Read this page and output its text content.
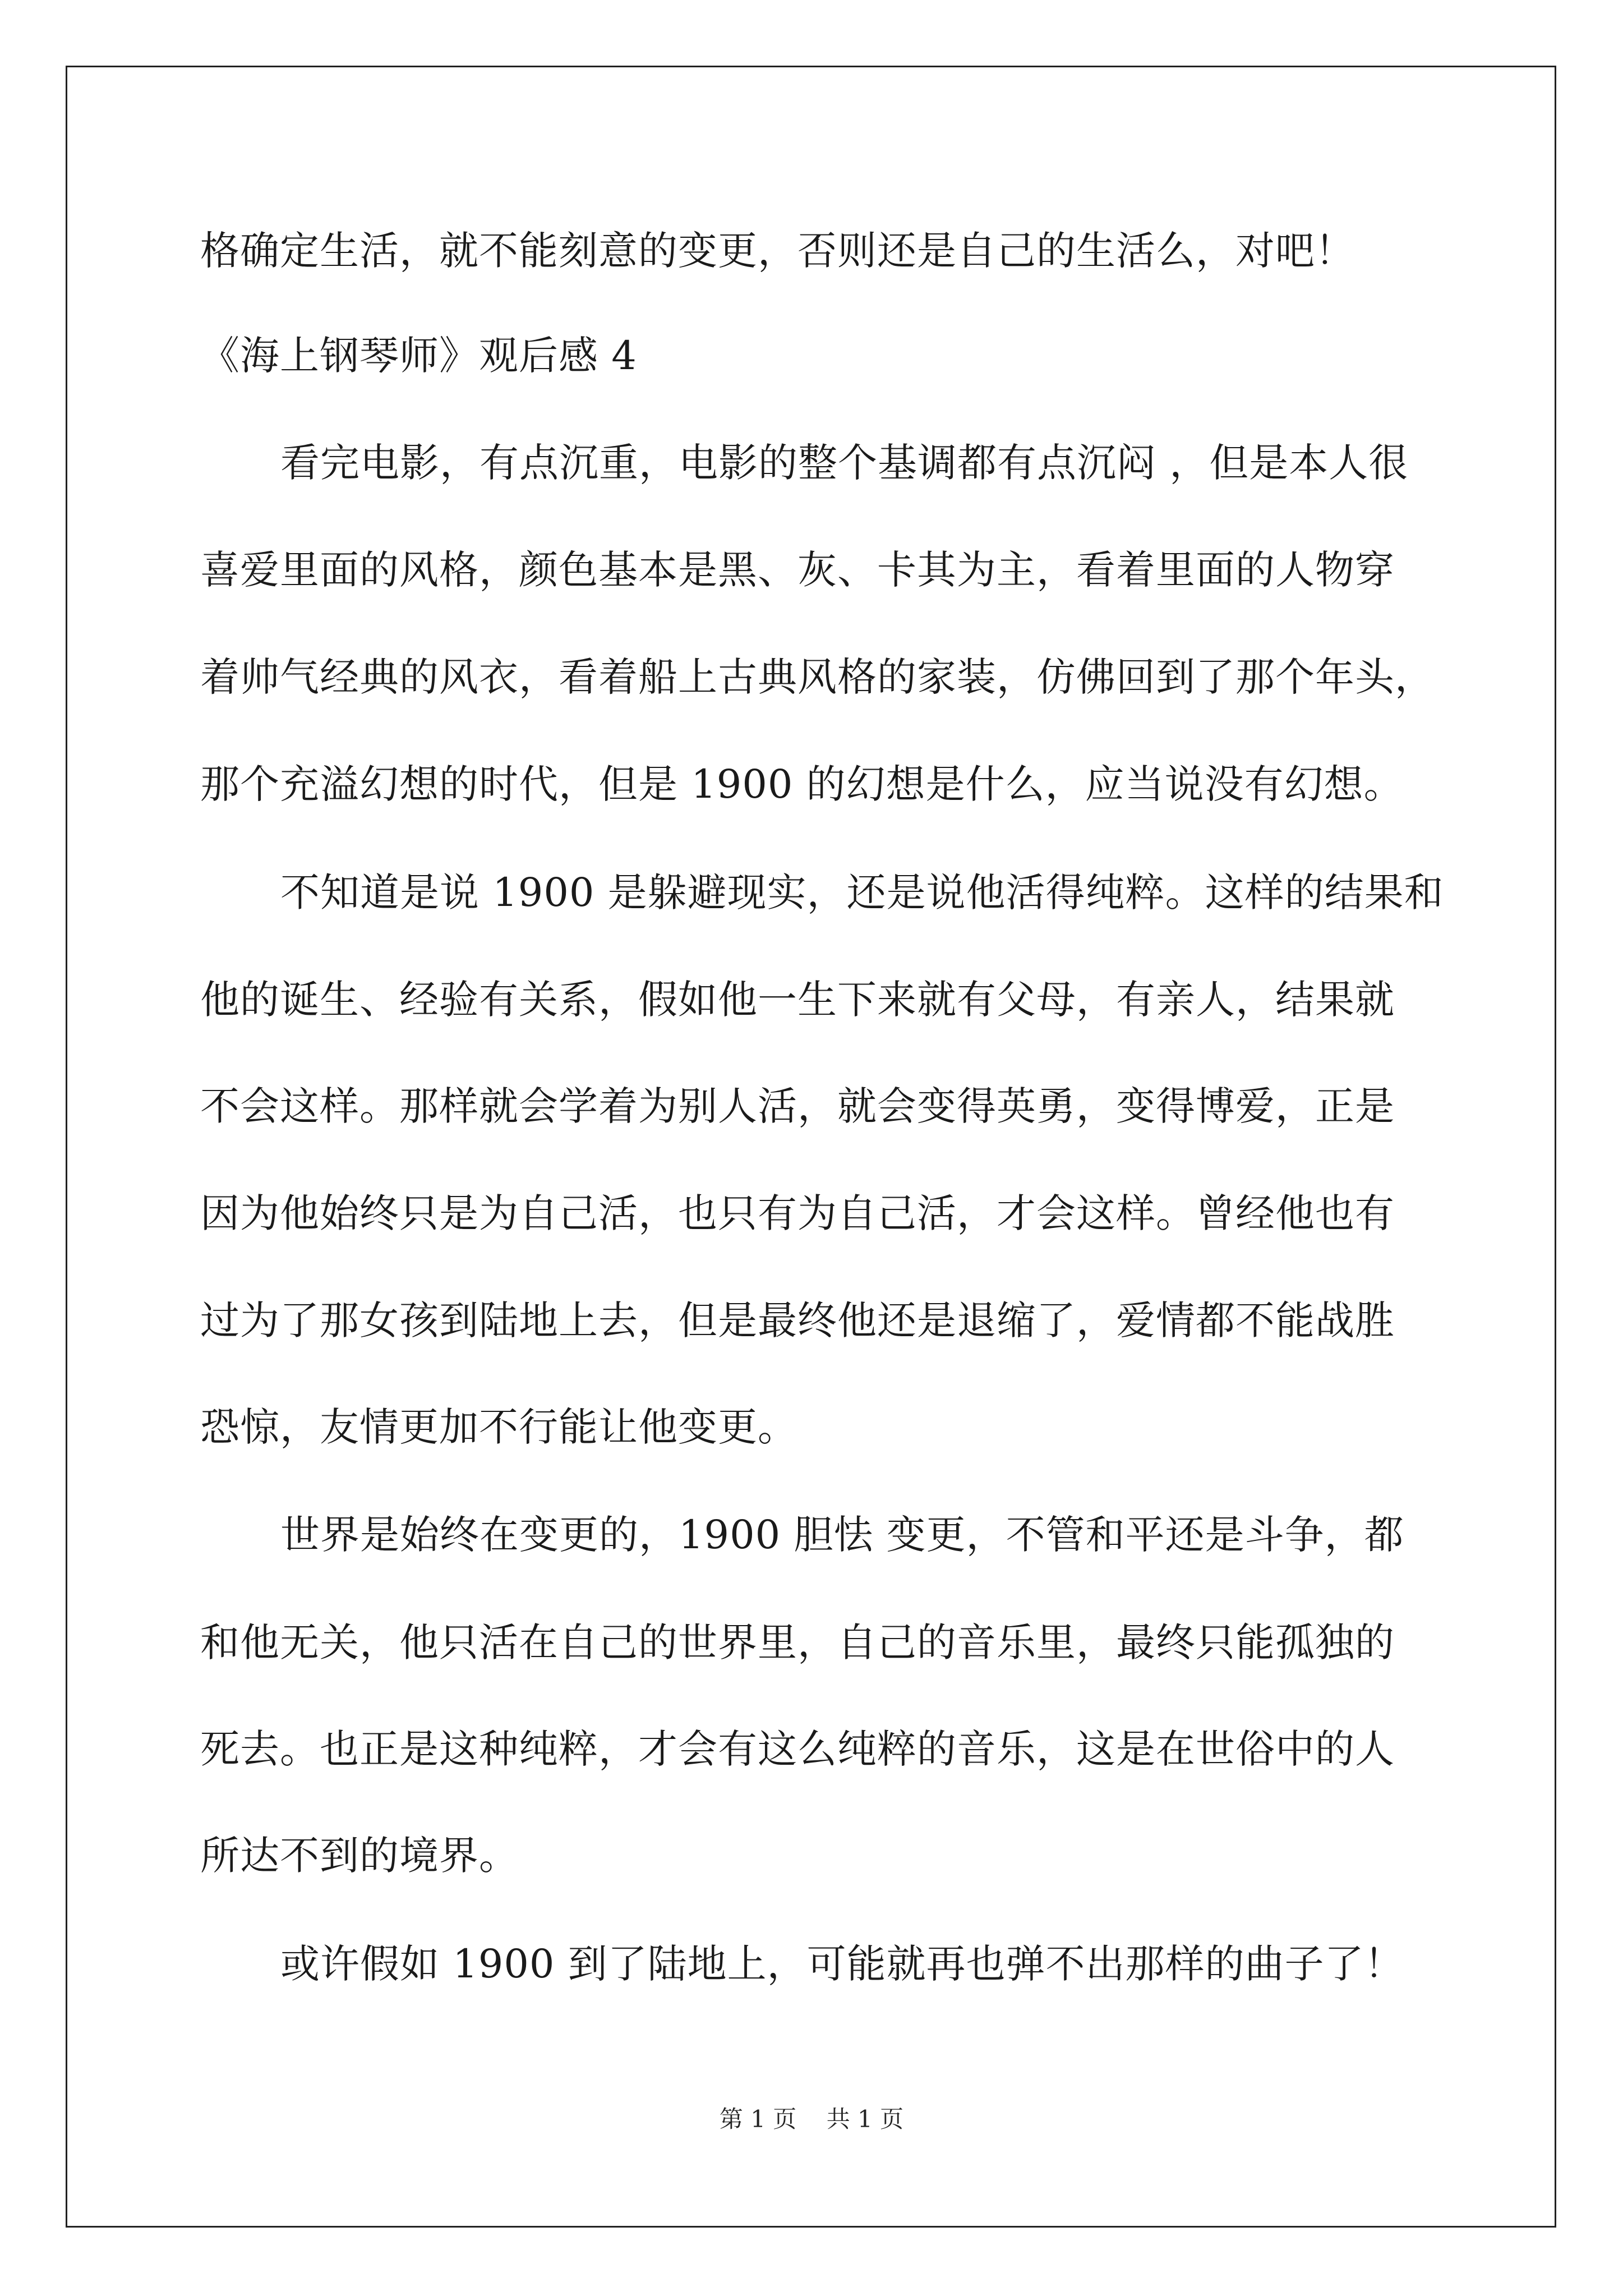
格确定生活，就不能刻意的变更，否则还是自己的生活么，对吧！
《海上钢琴师》观后感 4
看完电影，有点沉重，电影的整个基调都有点沉闷 ，但是本人很
喜爱里面的风格，颜色基本是黑、灰、卡其为主，看着里面的人物穿
着帅气经典的风衣，看着船上古典风格的家装，仿佛回到了那个年头，
那个充溢幻想的时代，但是 1900 的幻想是什么，应当说没有幻想。
不知道是说 1900 是躲避现实，还是说他活得纯粹。这样的结果和
他的诞生、经验有关系，假如他一生下来就有父母，有亲人，结果就
不会这样。那样就会学着为别人活，就会变得英勇，变得博爱，正是
因为他始终只是为自己活，也只有为自己活，才会这样。曾经他也有
过为了那女孩到陆地上去，但是最终他还是退缩了，爱情都不能战胜
恐惊，友情更加不行能让他变更。
世界是始终在变更的，1900 胆怯 变更，不管和平还是斗争，都
和他无关，他只活在自己的世界里，自己的音乐里，最终只能孤独的
死去。也正是这种纯粹，才会有这么纯粹的音乐，这是在世俗中的人
所达不到的境界。
或许假如 1900 到了陆地上，可能就再也弹不出那样的曲子了！
第 1 页    共 1 页
